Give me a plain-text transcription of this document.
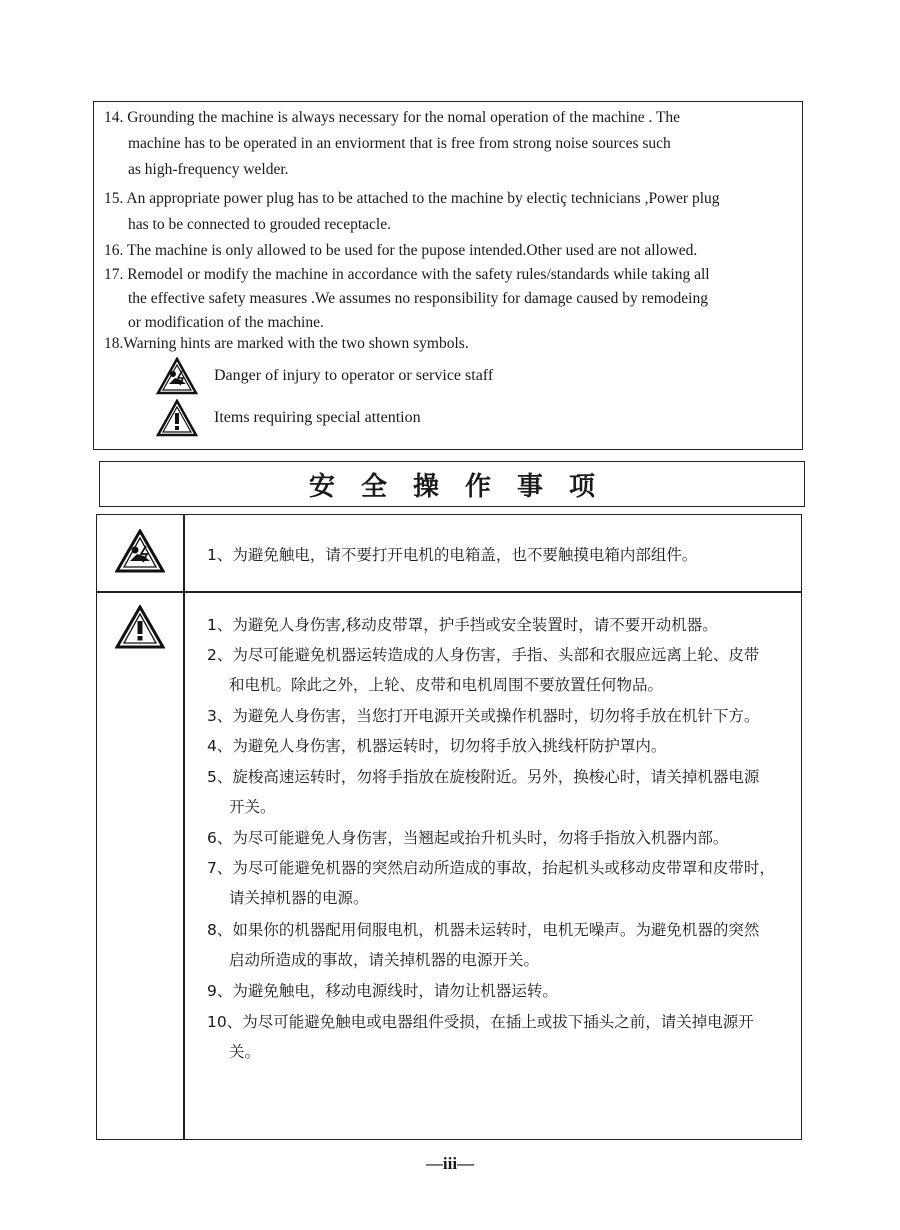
14. Grounding the machine is always necessary for the nomal operation of the machine . The
machine has to be operated in an enviorment that is free from strong noise sources such
as high-frequency welder.
15. An appropriate power plug has to be attached to the machine by electiç technicians ,Power plug
has to be connected to grouded receptacle.
16. The machine is only allowed to be used for the pupose intended.Other used are not allowed.
17. Remodel or modify the machine in accordance with the safety rules/standards while taking all
the effective safety measures .We assumes no responsibility for damage caused by remodeing
or modification of the machine.
18.Warning hints are marked with the two shown symbols.
Danger of injury to operator or service staff
Items requiring special attention
安全操作事项
1、为避免触电，请不要打开电机的电箱盖，也不要触摸电箱内部组件。
1、为避免人身伤害,移动皮带罩，护手挡或安全装置时，请不要开动机器。
2、为尽可能避免机器运转造成的人身伤害，手指、头部和衣服应远离上轮、皮带
和电机。除此之外，上轮、皮带和电机周围不要放置任何物品。
3、为避免人身伤害，当您打开电源开关或操作机器时，切勿将手放在机针下方。
4、为避免人身伤害，机器运转时，切勿将手放入挑线杆防护罩内。
5、旋梭高速运转时，勿将手指放在旋梭附近。另外，换梭心时，请关掉机器电源
开关。
6、为尽可能避免人身伤害，当翘起或抬升机头时，勿将手指放入机器内部。
7、为尽可能避免机器的突然启动所造成的事故，抬起机头或移动皮带罩和皮带时，
请关掉机器的电源。
8、如果你的机器配用伺服电机，机器未运转时，电机无噪声。为避免机器的突然
启动所造成的事故，请关掉机器的电源开关。
9、为避免触电，移动电源线时，请勿让机器运转。
10、为尽可能避免触电或电器组件受损，在插上或拔下插头之前，请关掉电源开
关。
—iii—
